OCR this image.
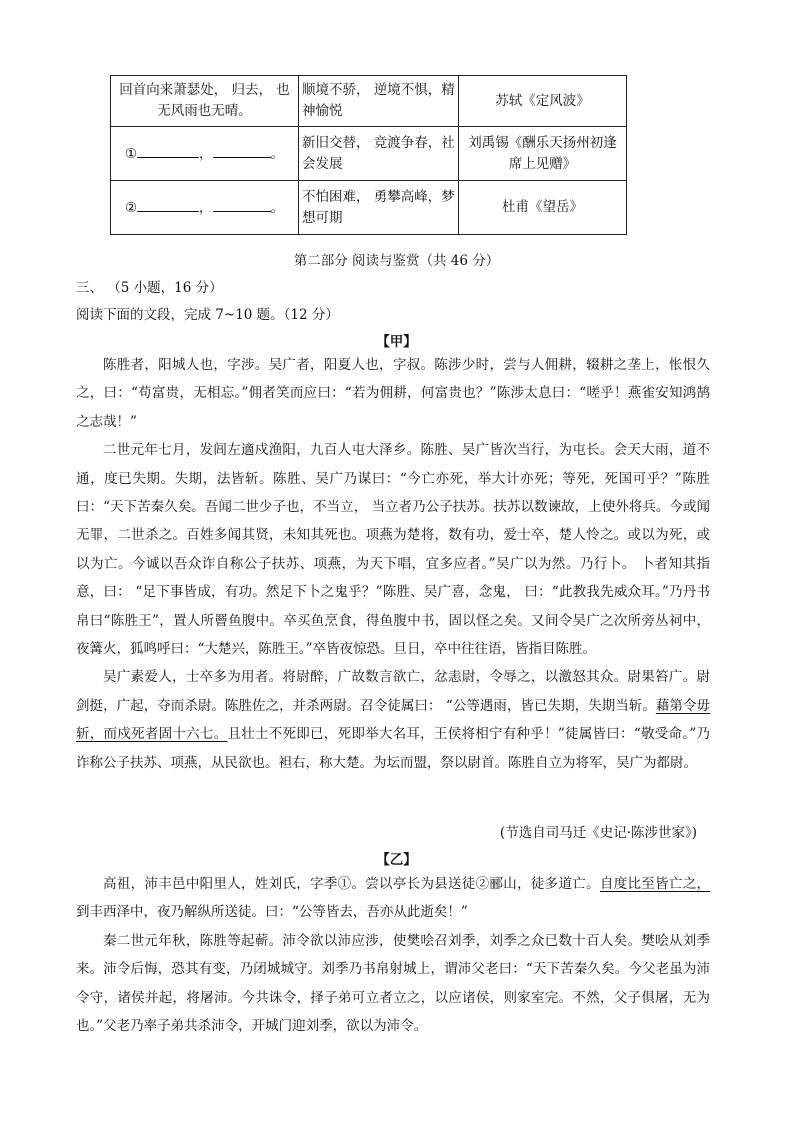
回首向来萧瑟处， 归去， 也无风雨也无晴。	顺境不骄， 逆境不惧，精神愉悦	苏轼《定风波》
① ， 。	新旧交替， 竞渡争春，社会发展	刘禹锡《酬乐天扬州初逢席上见赠》
② ， 。	不怕困难， 勇攀高峰，梦想可期	杜甫《望岳》
第二部分 阅读与鉴赏（共 46 分）
三、 （5 小题，16 分）
阅读下面的文段，完成 7~10 题。（12 分）
【甲】

陈胜者，阳城人也，字涉。吴广者，阳夏人也，字叔。陈涉少时，尝与人佣耕，辍耕之垄上，怅恨久之，曰：“苟富贵，无相忘。”佣者笑而应曰：“若为佣耕，何富贵也？”陈涉太息曰：“嗟乎！燕雀安知鸿鹄之志哉！”

二世元年七月，发闾左適戍渔阳，九百人屯大泽乡。陈胜、吴广皆次当行，为屯长。会天大雨，道不通，度已失期。失期，法皆斩。陈胜、吴广乃谋曰：“今亡亦死，举大计亦死；等死，死国可乎？”陈胜曰：“天下苦秦久矣。吾闻二世少子也，不当立， 当立者乃公子扶苏。扶苏以数谏故，上使外将兵。今或闻无罪，二世杀之。百姓多闻其贤，未知其死也。项燕为楚将，数有功，爱士卒，楚人怜之。或以为死，或以为亡。今诚以吾众诈自称公子扶苏、项燕，为天下唱，宜多应者。”吴广以为然。乃行卜。 卜者知其指意，曰： “足下事皆成，有功。然足下卜之鬼乎？”陈胜、吴广喜，念鬼， 曰：“此教我先威众耳。”乃丹书帛曰“陈胜王”，置人所罾鱼腹中。卒买鱼烹食，得鱼腹中书，固以怪之矣。又间令吴广之次所旁丛祠中，夜篝火，狐鸣呼曰：“大楚兴，陈胜王。”卒皆夜惊恐。旦日，卒中往往语，皆指目陈胜。

吴广素爱人，士卒多为用者。将尉醉，广故数言欲亡，忿恚尉，令辱之，以激怒其众。尉果笞广。尉剑挺，广起，夺而杀尉。陈胜佐之，并杀两尉。召令徒属曰： “公等遇雨，皆已失期，失期当斩。藉第令毋斩，而戍死者固十六七。且壮士不死即已，死即举大名耳，王侯将相宁有种乎！”徒属皆曰：“敬受命。”乃诈称公子扶苏、项燕，从民欲也。袒右，称大楚。为坛而盟，祭以尉首。陈胜自立为将军，吴广为都尉。

(节选自司马迁《史记·陈涉世家》)
【乙】

高祖，沛丰邑中阳里人，姓刘氏，字季①。尝以亭长为县送徒②郦山，徒多道亡。自度比至皆亡之，到丰西泽中，夜乃解纵所送徒。曰：“公等皆去，吾亦从此逝矣！”

秦二世元年秋，陈胜等起蕲。沛令欲以沛应涉，使樊哙召刘季，刘季之众已数十百人矣。樊哙从刘季来。沛令后悔，恐其有变，乃闭城城守。刘季乃书帛射城上，谓沛父老曰：“天下苦秦久矣。今父老虽为沛令守，诸侯并起，将屠沛。今共诛令，择子弟可立者立之，以应诸侯，则家室完。不然，父子俱屠，无为也。”父老乃率子弟共杀沛令，开城门迎刘季，欲以为沛令。
